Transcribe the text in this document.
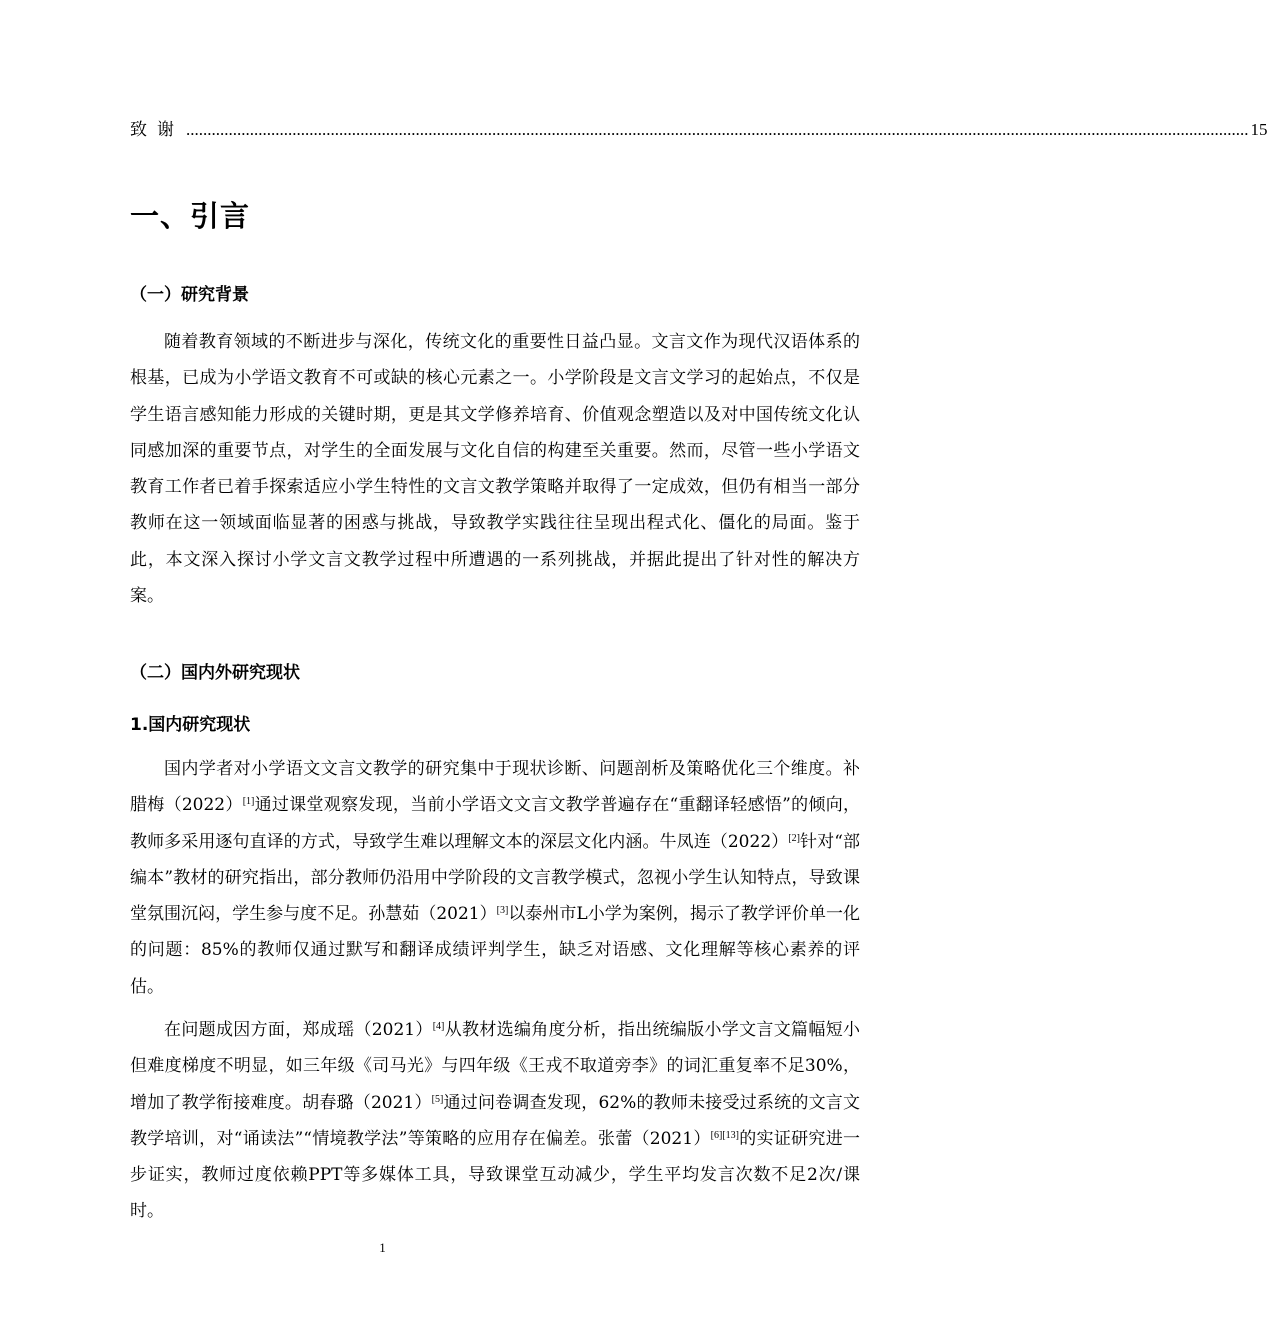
致谢 .......................................................................................................................................................................................................................................................... 15
一、引言
（一）研究背景

随着教育领域的不断进步与深化，传统文化的重要性日益凸显。文言文作为现代汉语体系的根基，已成为小学语文教育不可或缺的核心元素之一。小学阶段是文言文学习的起始点，不仅是学生语言感知能力形成的关键时期，更是其文学修养培育、价值观念塑造以及对中国传统文化认同感加深的重要节点，对学生的全面发展与文化自信的构建至关重要。然而，尽管一些小学语文教育工作者已着手探索适应小学生特性的文言文教学策略并取得了一定成效，但仍有相当一部分教师在这一领域面临显著的困惑与挑战，导致教学实践往往呈现出程式化、僵化的局面。鉴于此，本文深入探讨小学文言文教学过程中所遭遇的一系列挑战，并据此提出了针对性的解决方案。

（二）国内外研究现状
1.国内研究现状

国内学者对小学语文文言文教学的研究集中于现状诊断、问题剖析及策略优化三个维度。补腊梅（2022）[1]通过课堂观察发现，当前小学语文文言文教学普遍存在“重翻译轻感悟”的倾向，教师多采用逐句直译的方式，导致学生难以理解文本的深层文化内涵。牛凤连（2022）[2]针对“部编本”教材的研究指出，部分教师仍沿用中学阶段的文言教学模式，忽视小学生认知特点，导致课堂氛围沉闷，学生参与度不足。孙慧茹（2021）[3]以泰州市L小学为案例，揭示了教学评价单一化的问题：85%的教师仅通过默写和翻译成绩评判学生，缺乏对语感、文化理解等核心素养的评估。

在问题成因方面，郑成瑶（2021）[4]从教材选编角度分析，指出统编版小学文言文篇幅短小但难度梯度不明显，如三年级《司马光》与四年级《王戎不取道旁李》的词汇重复率不足30%，增加了教学衔接难度。胡春璐（2021）[5]通过问卷调查发现，62%的教师未接受过系统的文言文教学培训，对“诵读法”“情境教学法”等策略的应用存在偏差。张蕾（2021）[6][13]的实证研究进一步证实，教师过度依赖PPT等多媒体工具，导致课堂互动减少，学生平均发言次数不足2次/课时。

1
